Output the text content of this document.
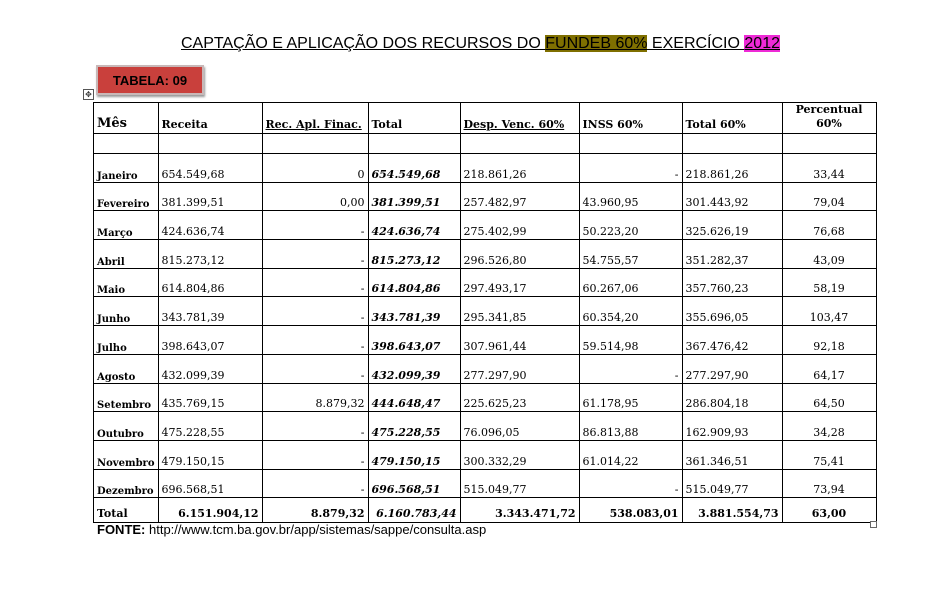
CAPTAÇÃO E APLICAÇÃO DOS RECURSOS DO FUNDEB 60% EXERCÍCIO 2012
TABELA: 09
✥
Mês	Receita	Rec. Apl. Finac.	Total	Desp. Venc. 60%	INSS 60%	Total 60%	Percentual 60%

Janeiro	654.549,68	0	654.549,68	218.861,26	-	218.861,26	33,44
Fevereiro	381.399,51	0,00	381.399,51	257.482,97	43.960,95	301.443,92	79,04
Março	424.636,74	-	424.636,74	275.402,99	50.223,20	325.626,19	76,68
Abril	815.273,12	-	815.273,12	296.526,80	54.755,57	351.282,37	43,09
Maio	614.804,86	-	614.804,86	297.493,17	60.267,06	357.760,23	58,19
Junho	343.781,39	-	343.781,39	295.341,85	60.354,20	355.696,05	103,47
Julho	398.643,07	-	398.643,07	307.961,44	59.514,98	367.476,42	92,18
Agosto	432.099,39	-	432.099,39	277.297,90	-	277.297,90	64,17
Setembro	435.769,15	8.879,32	444.648,47	225.625,23	61.178,95	286.804,18	64,50
Outubro	475.228,55	-	475.228,55	76.096,05	86.813,88	162.909,93	34,28
Novembro	479.150,15	-	479.150,15	300.332,29	61.014,22	361.346,51	75,41
Dezembro	696.568,51	-	696.568,51	515.049,77	-	515.049,77	73,94
Total	6.151.904,12	8.879,32	6.160.783,44	3.343.471,72	538.083,01	3.881.554,73	63,00
FONTE: http://www.tcm.ba.gov.br/app/sistemas/sappe/consulta.asp
